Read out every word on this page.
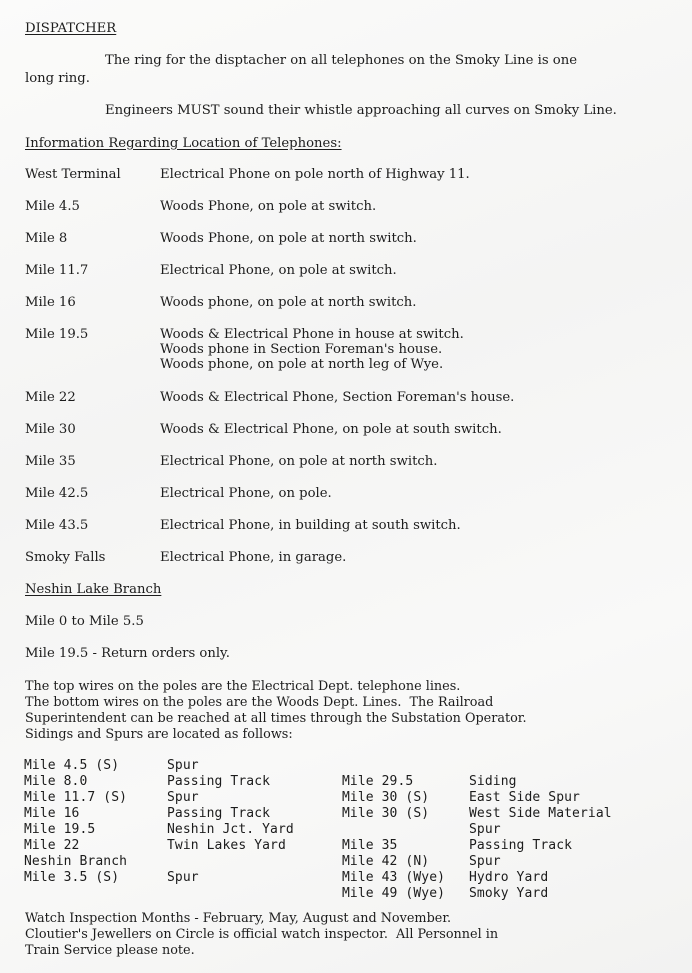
DISPATCHER
The ring for the disptacher on all telephones on the Smoky Line is one
long ring.
Engineers MUST sound their whistle approaching all curves on Smoky Line.
Information Regarding Location of Telephones:
West Terminal	Electrical Phone on pole north of Highway 11.
Mile 4.5	Woods Phone, on pole at switch.
Mile 8	Woods Phone, on pole at north switch.
Mile 11.7	Electrical Phone, on pole at switch.
Mile 16	Woods phone, on pole at north switch.
Mile 19.5	Woods & Electrical Phone in house at switch.
Woods phone in Section Foreman's house.
Woods phone, on pole at north leg of Wye.
Mile 22	Woods & Electrical Phone, Section Foreman's house.
Mile 30	Woods & Electrical Phone, on pole at south switch.
Mile 35	Electrical Phone, on pole at north switch.
Mile 42.5	Electrical Phone, on pole.
Mile 43.5	Electrical Phone, in building at south switch.
Smoky Falls	Electrical Phone, in garage.
Neshin Lake Branch
Mile 0 to Mile 5.5
Mile 19.5 - Return orders only.
The top wires on the poles are the Electrical Dept. telephone lines.
The bottom wires on the poles are the Woods Dept. Lines.  The Railroad
Superintendent can be reached at all times through the Substation Operator.
Sidings and Spurs are located as follows:
Mile 4.5 (S)	Spur
Mile 8.0	Passing Track
Mile 11.7 (S)	Spur
Mile 16	Passing Track
Mile 19.5	Neshin Jct. Yard
Mile 22	Twin Lakes Yard
Neshin Branch
Mile 3.5 (S)	Spur
Mile 29.5	Siding
Mile 30 (S)	East Side Spur
Mile 30 (S)	West Side Material
Spur
Mile 35	Passing Track
Mile 42 (N)	Spur
Mile 43 (Wye) Hydro Yard
Mile 49 (Wye) Smoky Yard
Watch Inspection Months - February, May, August and November.
Cloutier's Jewellers on Circle is official watch inspector.  All Personnel in
Train Service please note.
